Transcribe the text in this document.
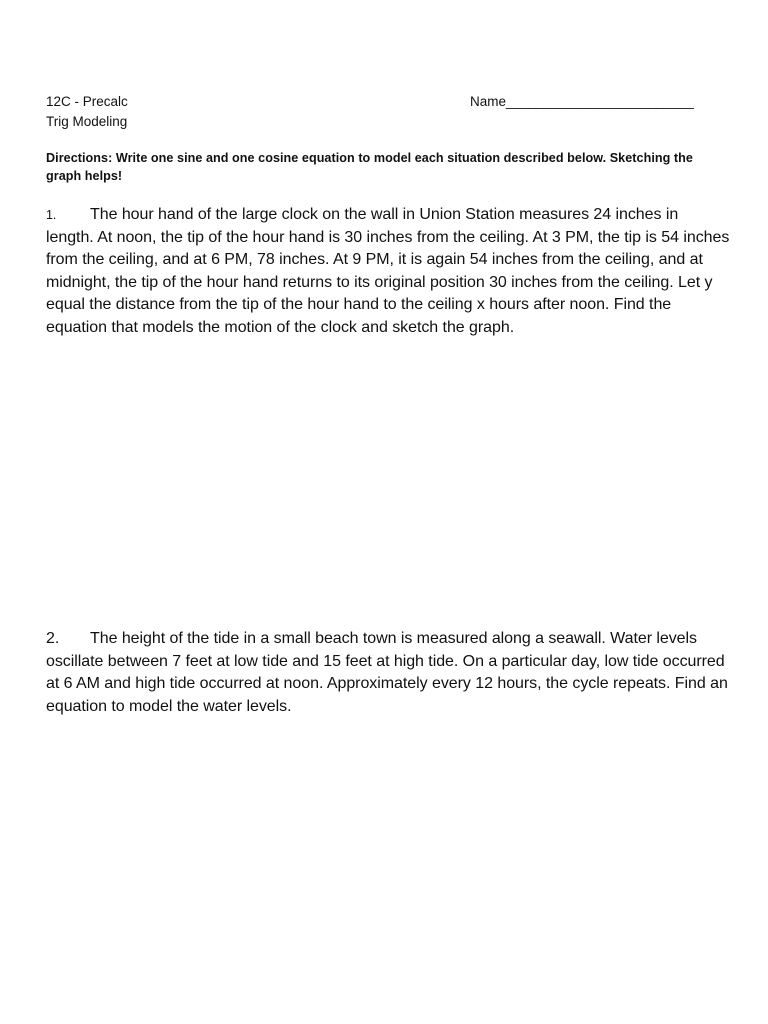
12C - Precalc	Name_________________________
Trig Modeling
Directions: Write one sine and one cosine equation to model each situation described below. Sketching the graph helps!
1. The hour hand of the large clock on the wall in Union Station measures 24 inches in length. At noon, the tip of the hour hand is 30 inches from the ceiling. At 3 PM, the tip is 54 inches from the ceiling, and at 6 PM, 78 inches. At 9 PM, it is again 54 inches from the ceiling, and at midnight, the tip of the hour hand returns to its original position 30 inches from the ceiling. Let y equal the distance from the tip of the hour hand to the ceiling x hours after noon. Find the equation that models the motion of the clock and sketch the graph.
2. The height of the tide in a small beach town is measured along a seawall. Water levels oscillate between 7 feet at low tide and 15 feet at high tide. On a particular day, low tide occurred at 6 AM and high tide occurred at noon. Approximately every 12 hours, the cycle repeats. Find an equation to model the water levels.
